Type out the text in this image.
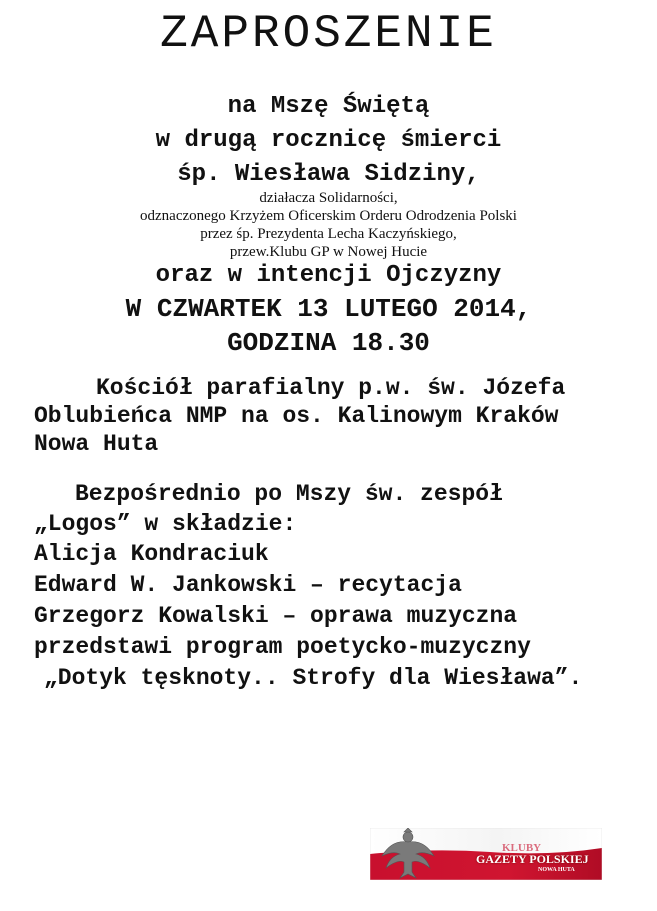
ZAPROSZENIE
na Mszę Świętą
w drugą rocznicę śmierci
śp. Wiesława Sidziny,
działacza Solidarności,
odznaczonego Krzyżem Oficerskim Orderu Odrodzenia Polski
przez śp. Prezydenta Lecha Kaczyńskiego,
przew.Klubu GP w Nowej Hucie
oraz w intencji Ojczyzny
W CZWARTEK 13 LUTEGO 2014,
GODZINA 18.30
Kościół parafialny p.w. św. Józefa
Oblubieńca NMP na os. Kalinowym Kraków
Nowa Huta
Bezpośrednio po Mszy św. zespół
„Logos” w składzie:
Alicja Kondraciuk
Edward W. Jankowski – recytacja
Grzegorz Kowalski – oprawa muzyczna
przedstawi program poetycko-muzyczny
„Dotyk tęsknoty.. Strofy dla Wiesława”.
KLUBY
GAZETY POLSKIEJ
NOWA HUTA
